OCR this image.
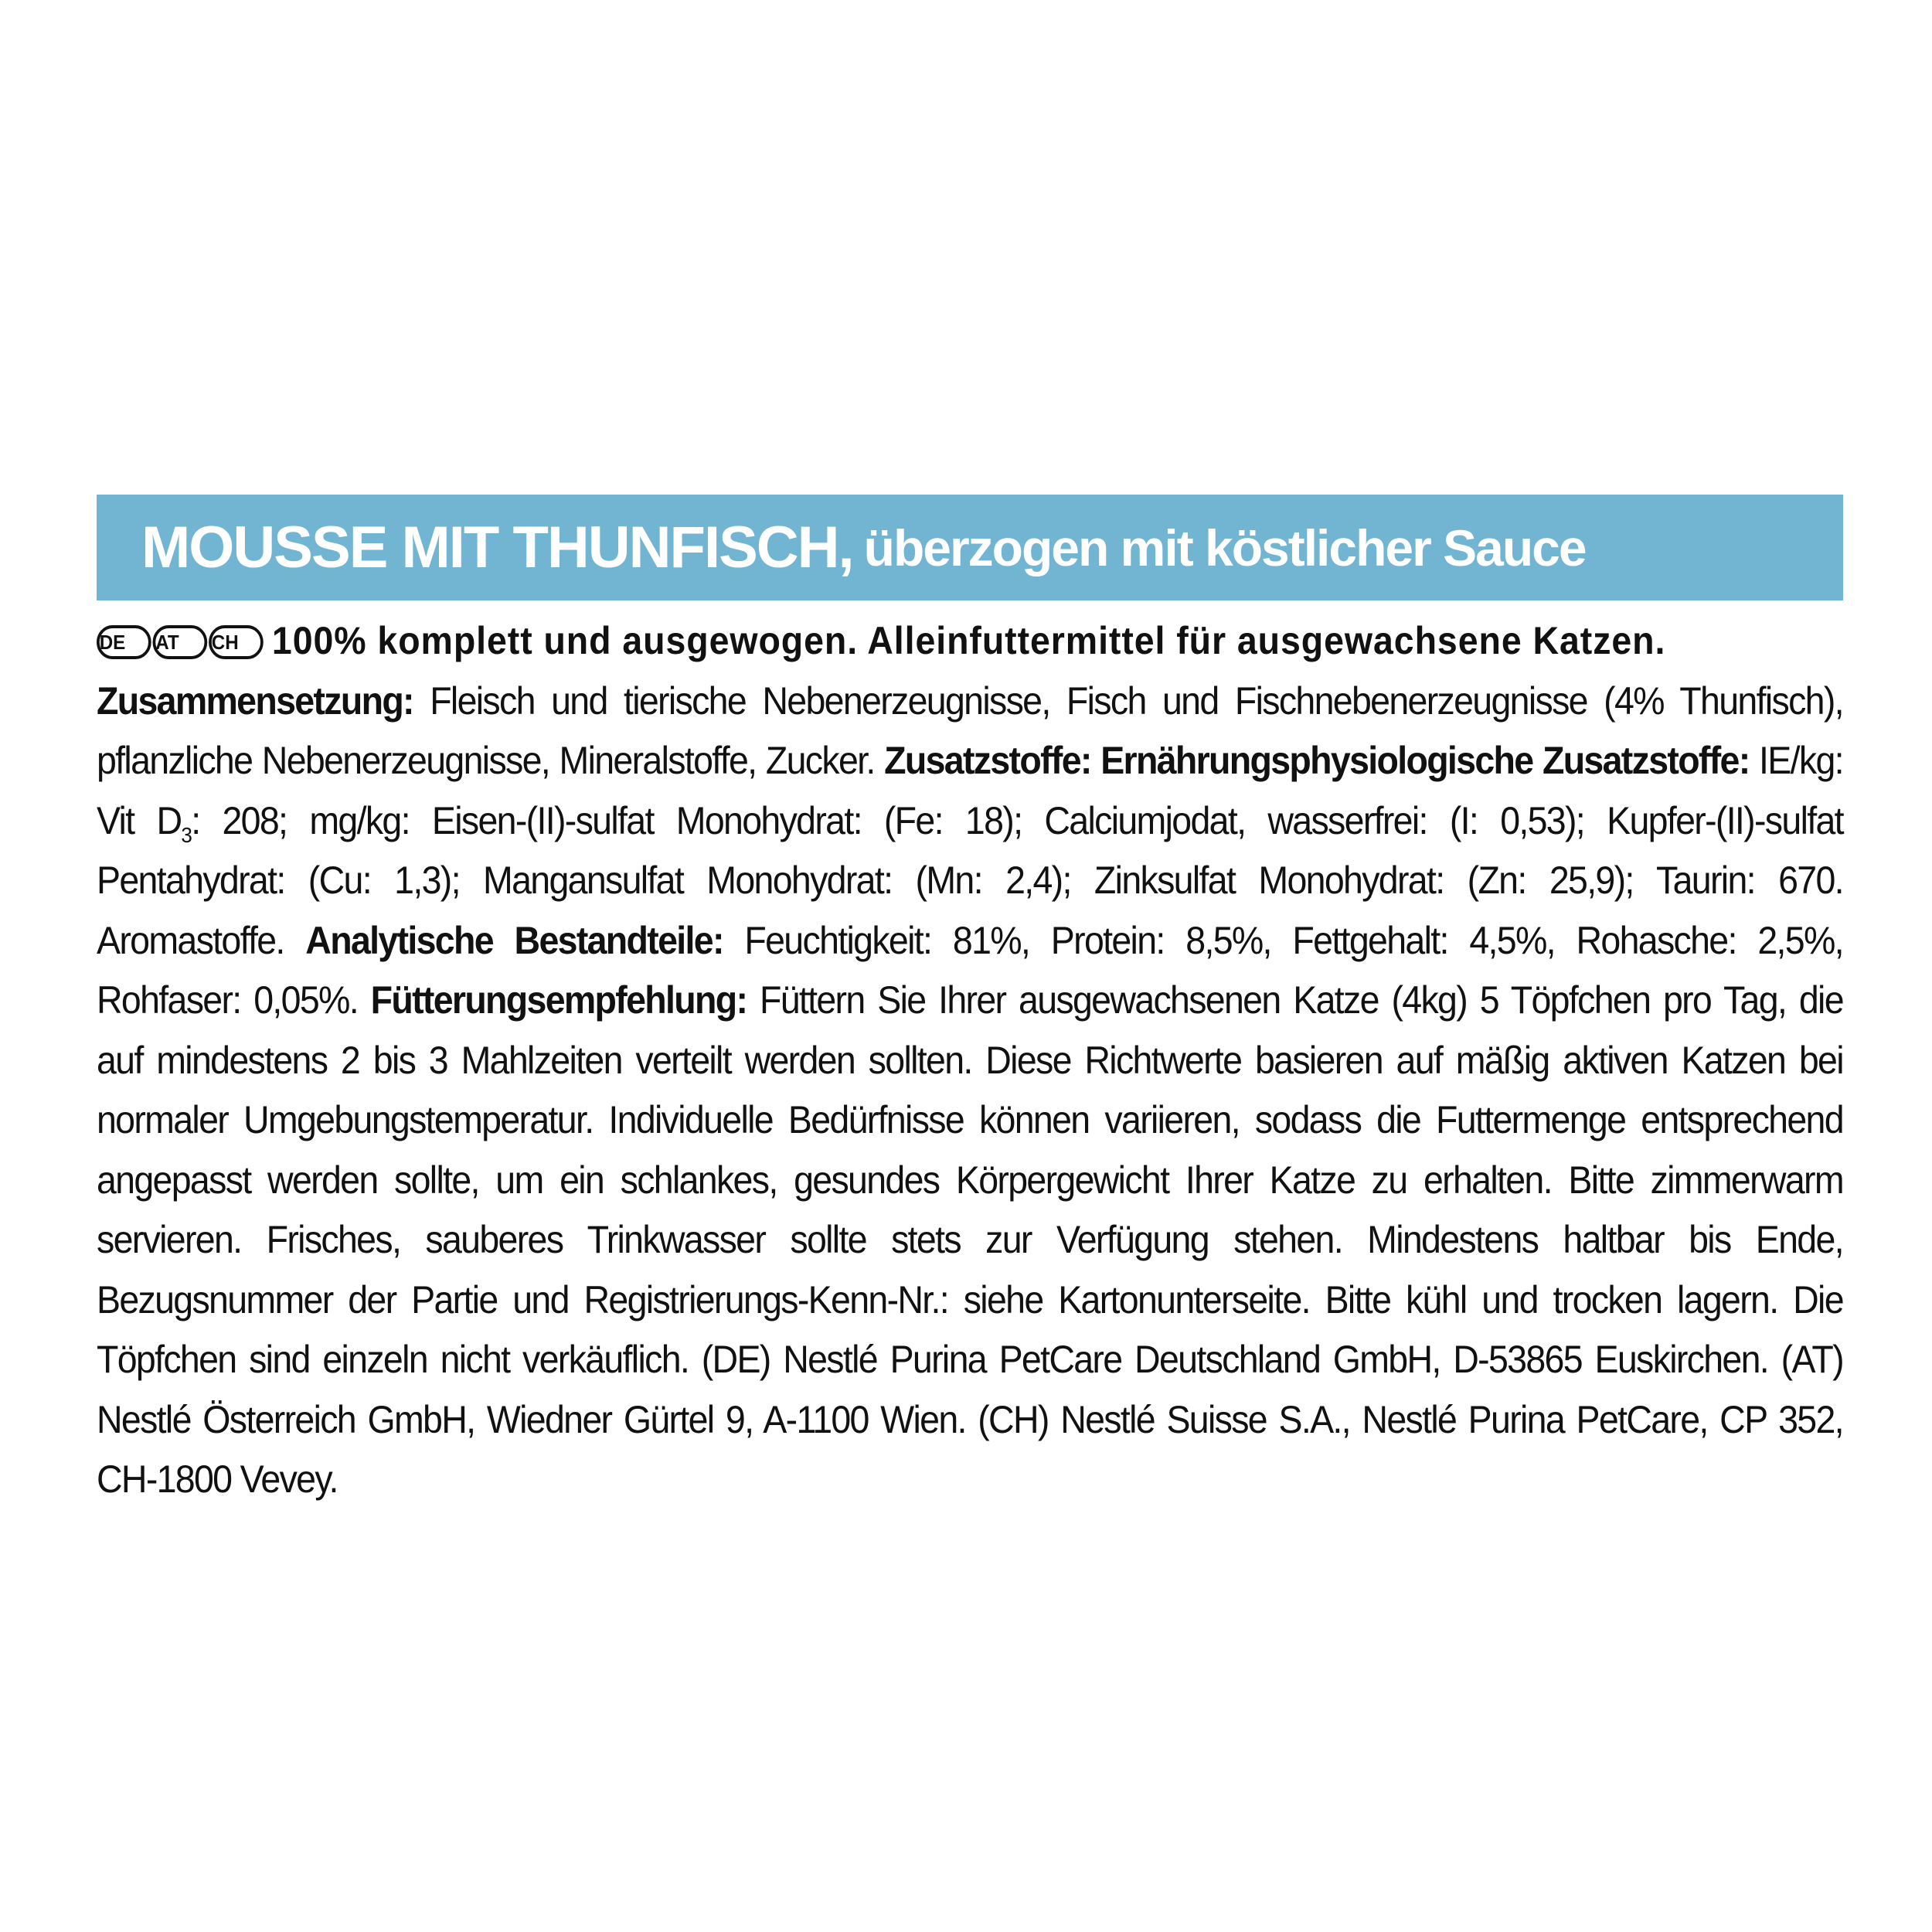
MOUSSE MIT THUNFISCH, überzogen mit köstlicher Sauce
DE AT CH 100% komplett und ausgewogen. Alleinfuttermittel für ausgewachsene Katzen.
Zusammensetzung: Fleisch und tierische Nebenerzeugnisse, Fisch und Fischnebenerzeugnisse (4% Thunfisch), pflanzliche Nebenerzeugnisse, Mineralstoffe, Zucker. Zusatzstoffe: Ernährungsphysiologische Zusatzstoffe: IE/kg: Vit $D_3$: 208; mg/kg: Eisen-(II)-sulfat Monohydrat: (Fe: 18); Calciumjodat, wasserfrei: (I: 0,53); Kupfer-(II)-sulfat Pentahydrat: (Cu: 1,3); Mangansulfat Monohydrat: (Mn: 2,4); Zinksulfat Monohydrat: (Zn: 25,9); Taurin: 670. Aromastoffe. Analytische Bestandteile: Feuchtigkeit: 81%, Protein: 8,5%, Fettgehalt: 4,5%, Rohasche: 2,5%, Rohfaser: 0,05%. Fütterungsempfehlung: Füttern Sie Ihrer ausgewachsenen Katze (4kg) 5 Töpfchen pro Tag, die auf mindestens 2 bis 3 Mahlzeiten verteilt werden sollten. Diese Richtwerte basieren auf mäßig aktiven Katzen bei normaler Umgebungstemperatur. Individuelle Bedürfnisse können variieren, sodass die Futtermenge entsprechend angepasst werden sollte, um ein schlankes, gesundes Körpergewicht Ihrer Katze zu erhalten. Bitte zimmerwarm servieren. Frisches, sauberes Trinkwasser sollte stets zur Verfügung stehen. Mindestens haltbar bis Ende, Bezugsnummer der Partie und Registrierungs-Kenn-Nr.: siehe Kartonunterseite. Bitte kühl und trocken lagern. Die Töpfchen sind einzeln nicht verkäuflich. (DE) Nestlé Purina PetCare Deutschland GmbH, D-53865 Euskirchen. (AT) Nestlé Österreich GmbH, Wiedner Gürtel 9, A-1100 Wien. (CH) Nestlé Suisse S.A., Nestlé Purina PetCare, CP 352, CH-1800 Vevey.
